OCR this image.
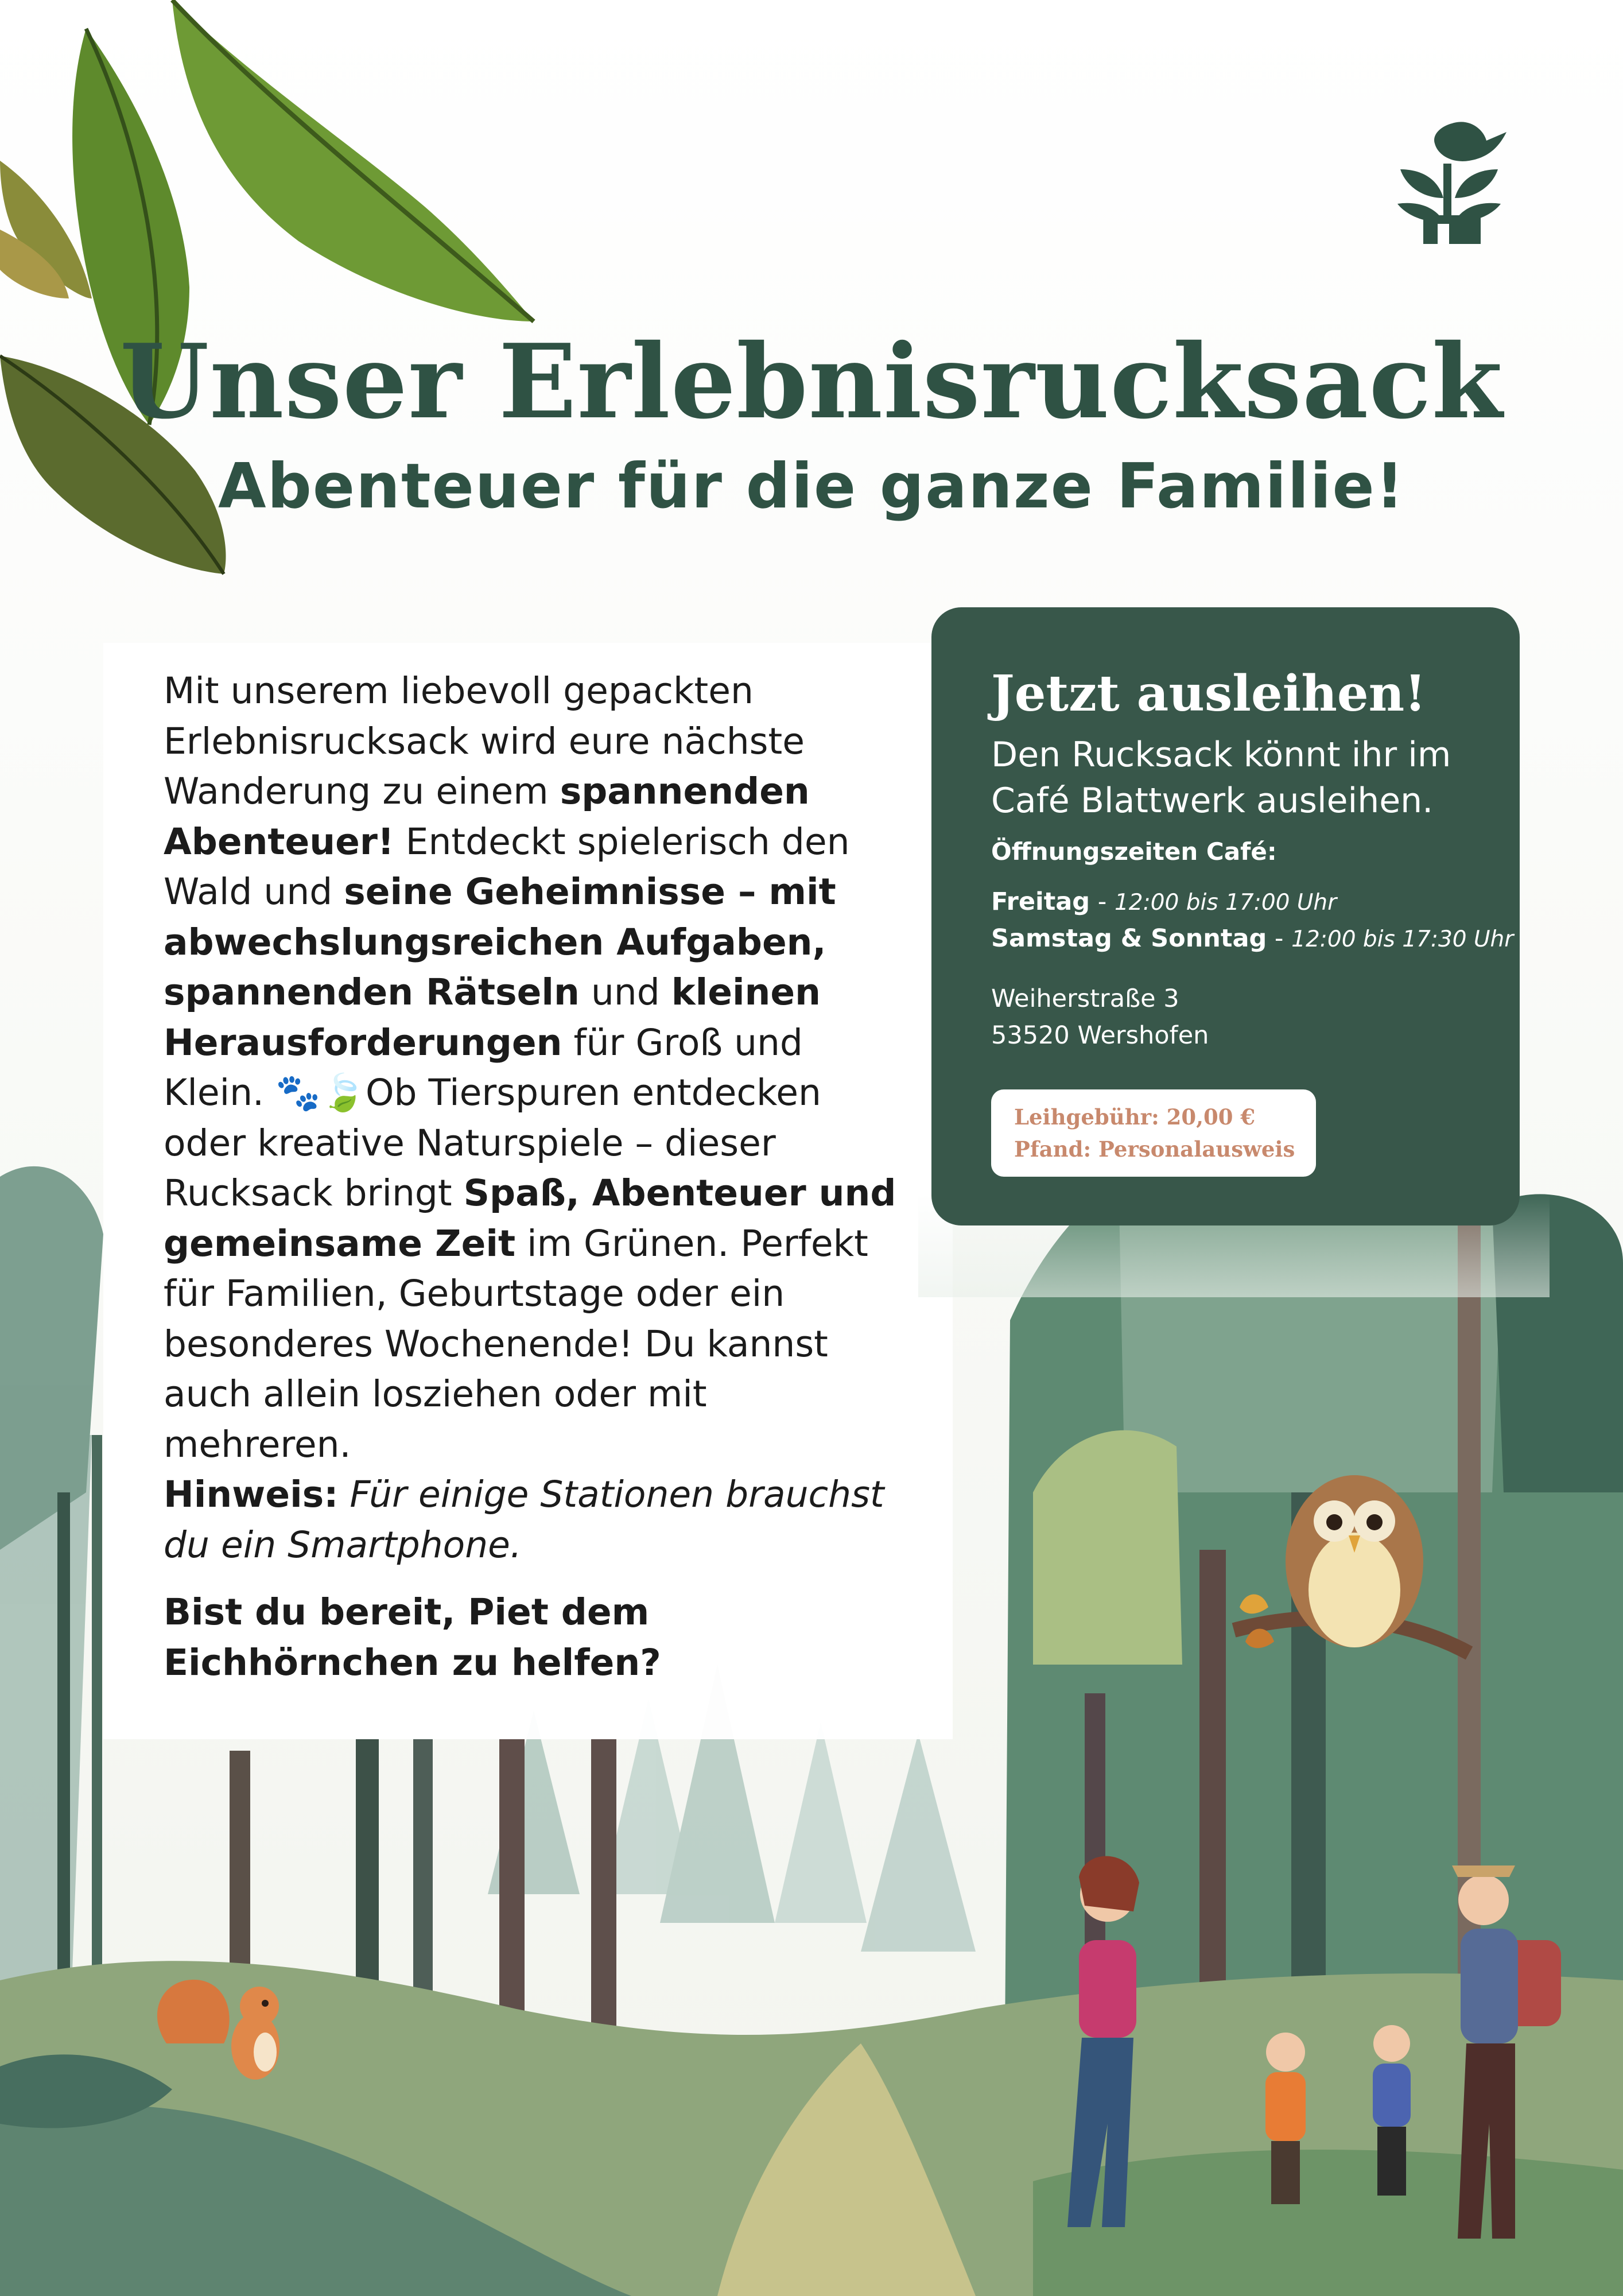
Unser Erlebnisrucksack
Abenteuer für die ganze Familie!

Mit unserem liebevoll gepackten Erlebnisrucksack wird eure nächste Wanderung zu einem spannenden Abenteuer! Entdeckt spielerisch den Wald und seine Geheimnisse – mit abwechslungsreichen Aufgaben, spannenden Rätseln und kleinen Herausforderungen für Groß und Klein. 🐾🍃Ob Tierspuren entdecken oder kreative Naturspiele – dieser Rucksack bringt Spaß, Abenteuer und gemeinsame Zeit im Grünen. Perfekt für Familien, Geburtstage oder ein besonderes Wochenende! Du kannst auch allein losziehen oder mit mehreren.

Hinweis: Für einige Stationen brauchst du ein Smartphone.

Bist du bereit, Piet dem Eichhörnchen zu helfen?

Jetzt ausleihen!

Den Rucksack könnt ihr im Café Blattwerk ausleihen.

Öffnungszeiten Café:

Freitag - 12:00 bis 17:00 Uhr

Samstag & Sonntag - 12:00 bis 17:30 Uhr

Weiherstraße 3
53520 Wershofen
Leihgebühr: 20,00 €
Pfand: Personalausweis
